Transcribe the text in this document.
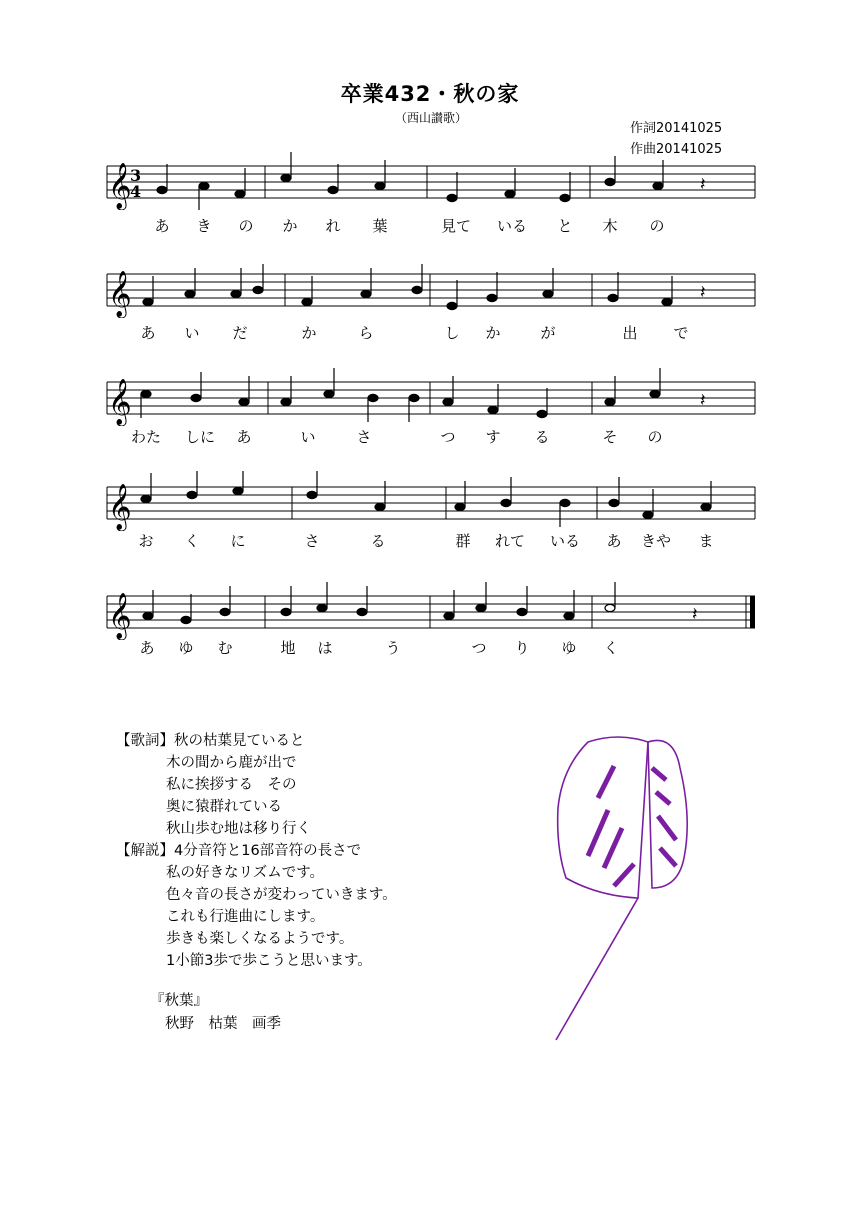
卒業432・秋の家
（西山讃歌）
作詞20141025
作曲20141025
𝄞
3
4	𝄽
𝄞	𝄽
𝄞	𝄽
𝄞
𝄞	𝄽
あ き の か れ 葉	見て いる と 木 の
あ い だ	か	ら	し か	が	出 で
わた しに あ	い	さ	つ す る	そ の
お く に	さ	る	群 れて いる あ きや ま
あ ゆ む	地 は	う	つ り ゆ く
【歌詞】秋の枯葉見ていると
木の間から鹿が出で
私に挨拶する　その
奥に猿群れている
秋山歩む地は移り行く
【解説】4分音符と16部音符の長さで
私の好きなリズムです。
色々音の長さが変わっていきます。
これも行進曲にします。
歩きも楽しくなるようです。
1小節3歩で歩こうと思います。
『秋葉』
秋野　枯葉　画季
